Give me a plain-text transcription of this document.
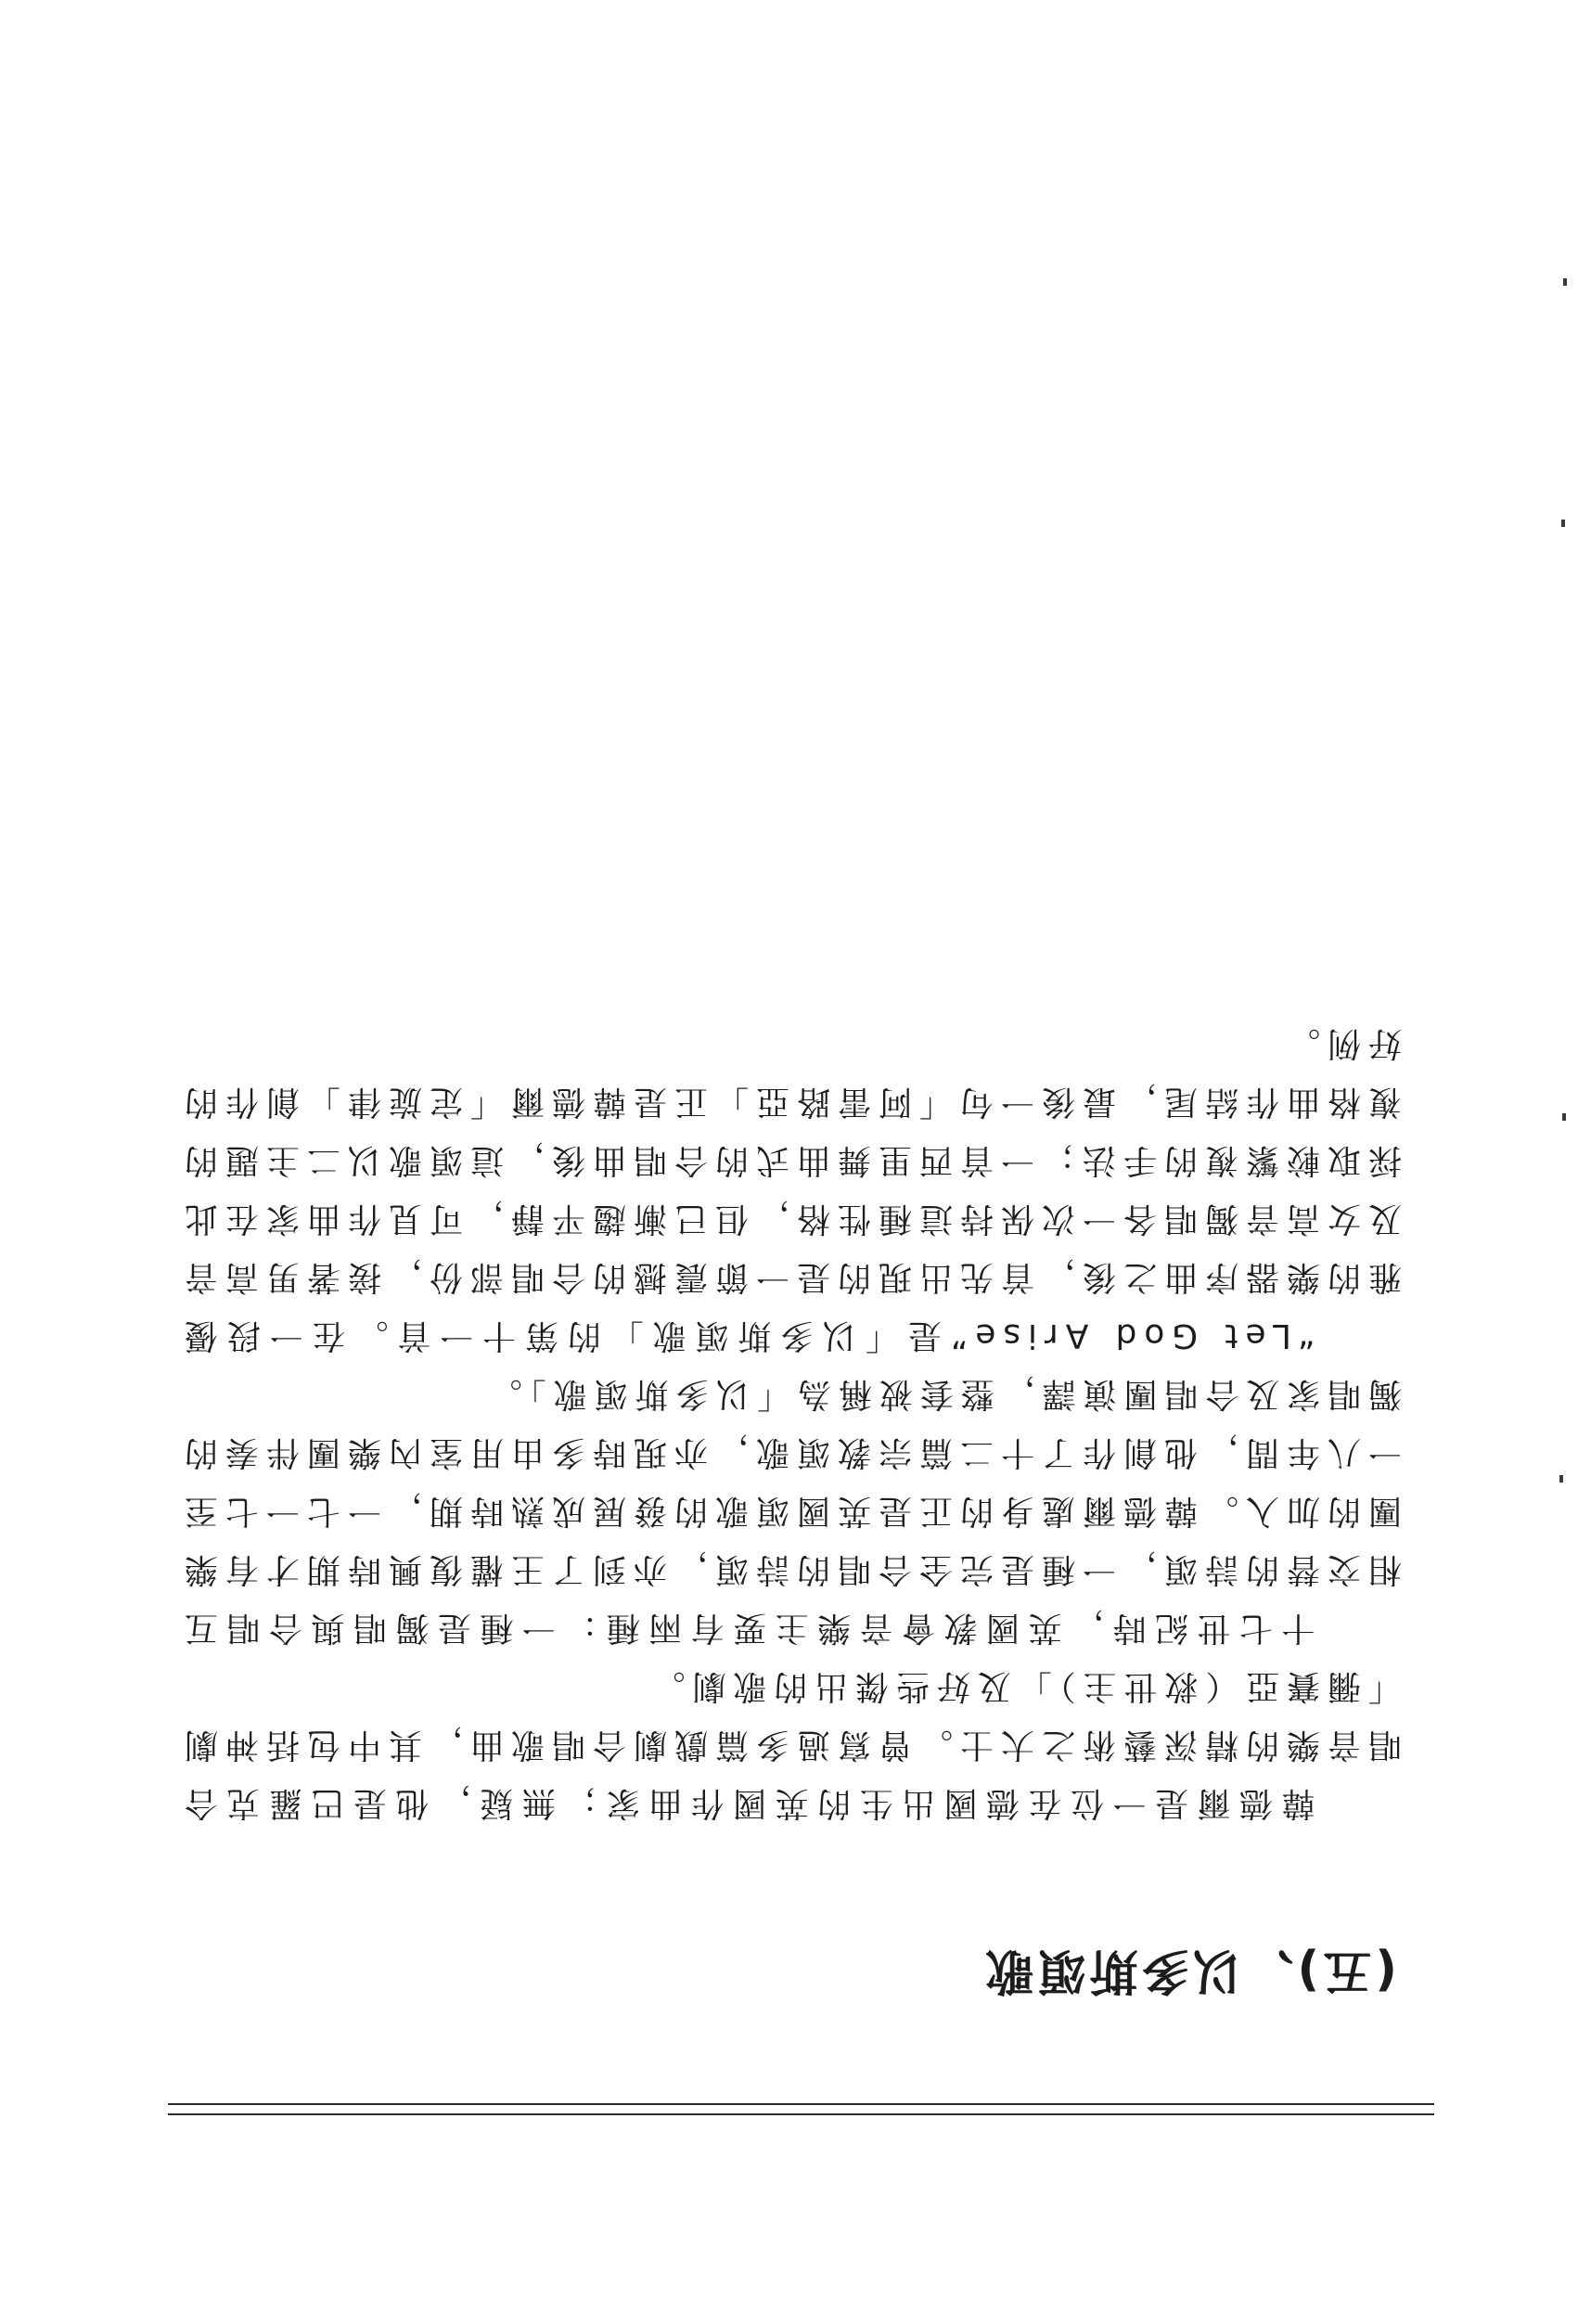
(五)、以多斯頌歌

韓德爾是一位在德國出生的英國作曲家；無疑，他是巴羅克合唱音樂的精深藝術之大士。曾寫過多篇戲劇合唱歌曲，其中包括神劇「彌賽亞（救世主）」及好些傑出的歌劇。

十七世紀時，英國教會音樂主要有兩種：一種是獨唱與合唱互相交替的詩頌，一種是完全合唱的詩頌，亦到了王權復興時期才有樂團的加入。韓德爾處身的正是英國頌歌的發展成熟時期，一七一七至一八年間，他創作了十二篇宗教頌歌，亦現時多由用室內樂團伴奏的獨唱家及合唱團演譯，整套被稱為「以多斯頌歌」。

“Let God Arise”是「以多斯頌歌」的第十一首。在一段優雅的樂器序曲之後，首先出現的是一節震撼的合唱部份，接著男高音及女高音獨唱各一次保持這種性格，但已漸趨平靜，可見作曲家在此採取較繁複的手法；一首西里舞曲式的合唱曲後，這頌歌以二主題的複格曲作結尾，最後一句「阿雷路亞」正是韓德爾「定旋律」創作的好例。
